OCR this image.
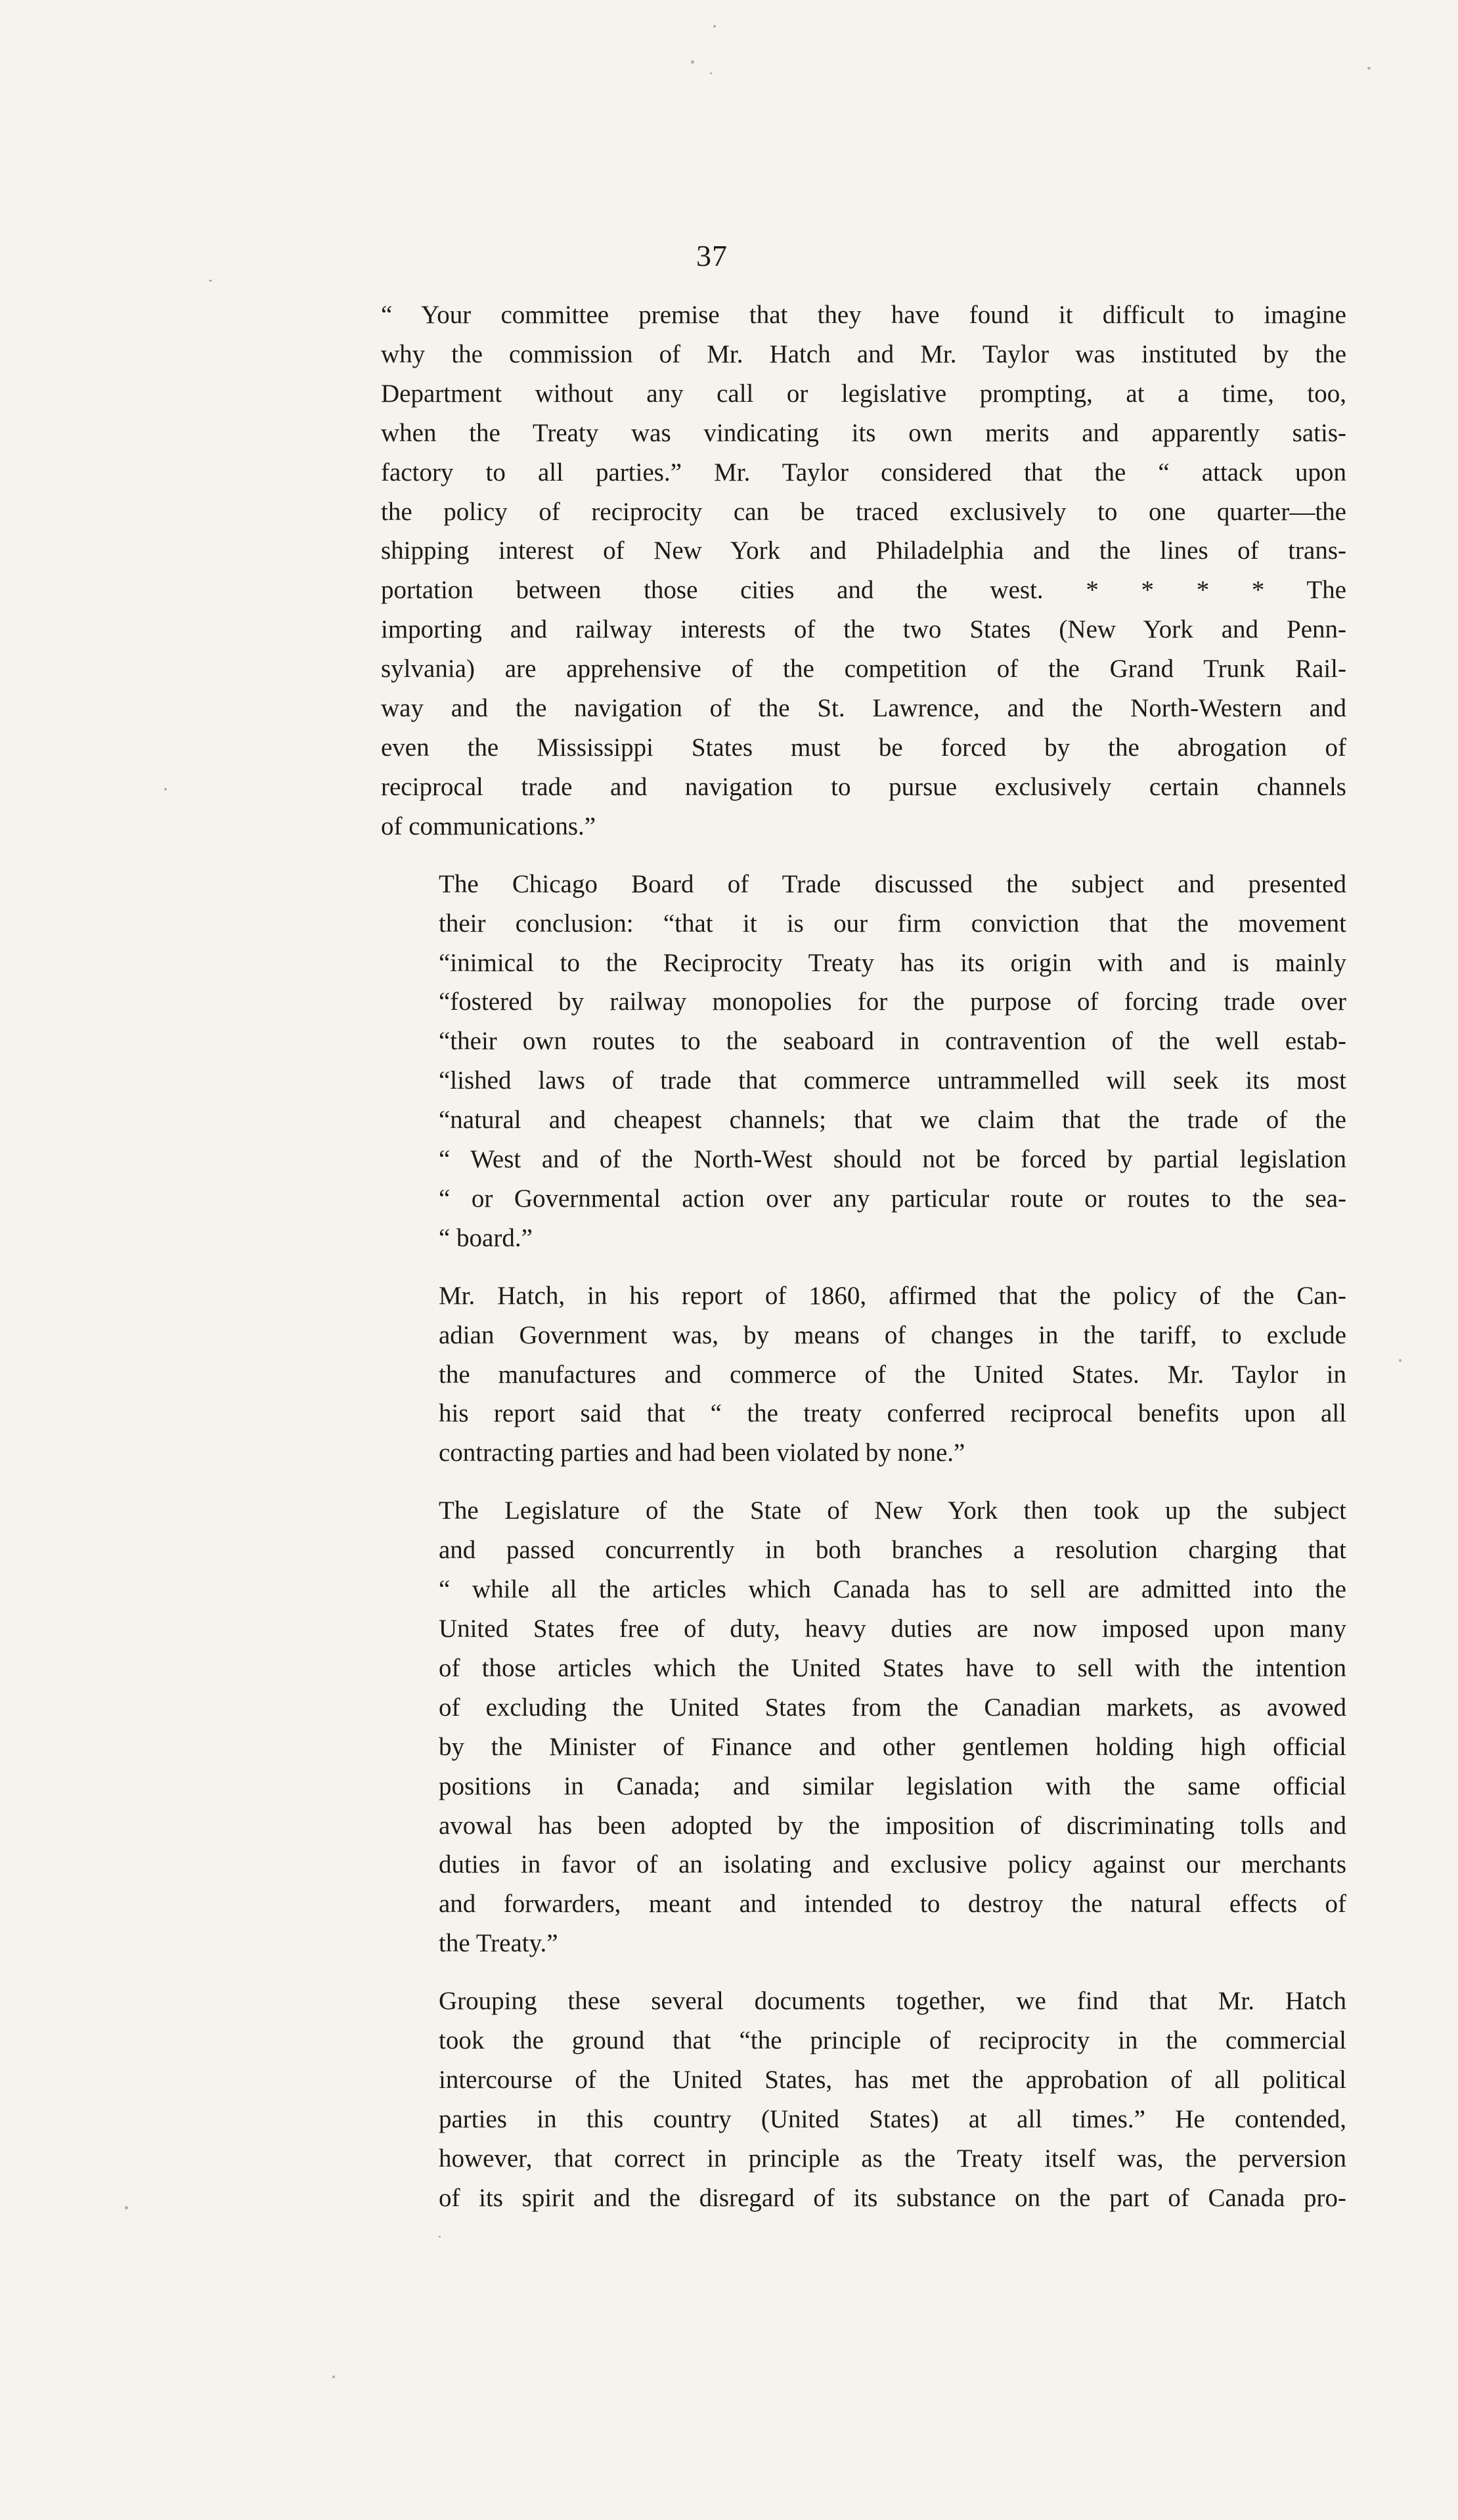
37

“ Your committee premise that they have found it difficult to imagine
why the commission of Mr. Hatch and Mr. Taylor was instituted by the
Department without any call or legislative prompting, at a time, too,
when the Treaty was vindicating its own merits and apparently satis-
factory to all parties.” Mr. Taylor considered that the “ attack upon
the policy of reciprocity can be traced exclusively to one quarter—the
shipping interest of New York and Philadelphia and the lines of trans-
portation between those cities and the west. * * * * The
importing and railway interests of the two States (New York and Penn-
sylvania) are apprehensive of the competition of the Grand Trunk Rail-
way and the navigation of the St. Lawrence, and the North-Western and
even the Mississippi States must be forced by the abrogation of
reciprocal trade and navigation to pursue exclusively certain channels
of communications.”

The Chicago Board of Trade discussed the subject and presented
their conclusion: “that it is our firm conviction that the movement
“inimical to the Reciprocity Treaty has its origin with and is mainly
“fostered by railway monopolies for the purpose of forcing trade over
“their own routes to the seaboard in contravention of the well estab-
“lished laws of trade that commerce untrammelled will seek its most
“natural and cheapest channels; that we claim that the trade of the
“ West and of the North-West should not be forced by partial legislation
“ or Governmental action over any particular route or routes to the sea-
“ board.”

Mr. Hatch, in his report of 1860, affirmed that the policy of the Can-
adian Government was, by means of changes in the tariff, to exclude
the manufactures and commerce of the United States. Mr. Taylor in
his report said that “ the treaty conferred reciprocal benefits upon all
contracting parties and had been violated by none.”

The Legislature of the State of New York then took up the subject
and passed concurrently in both branches a resolution charging that
“ while all the articles which Canada has to sell are admitted into the
United States free of duty, heavy duties are now imposed upon many
of those articles which the United States have to sell with the intention
of excluding the United States from the Canadian markets, as avowed
by the Minister of Finance and other gentlemen holding high official
positions in Canada; and similar legislation with the same official
avowal has been adopted by the imposition of discriminating tolls and
duties in favor of an isolating and exclusive policy against our merchants
and forwarders, meant and intended to destroy the natural effects of
the Treaty.”

Grouping these several documents together, we find that Mr. Hatch
took the ground that “the principle of reciprocity in the commercial
intercourse of the United States, has met the approbation of all political
parties in this country (United States) at all times.” He contended,
however, that correct in principle as the Treaty itself was, the perversion
of its spirit and the disregard of its substance on the part of Canada pro-
